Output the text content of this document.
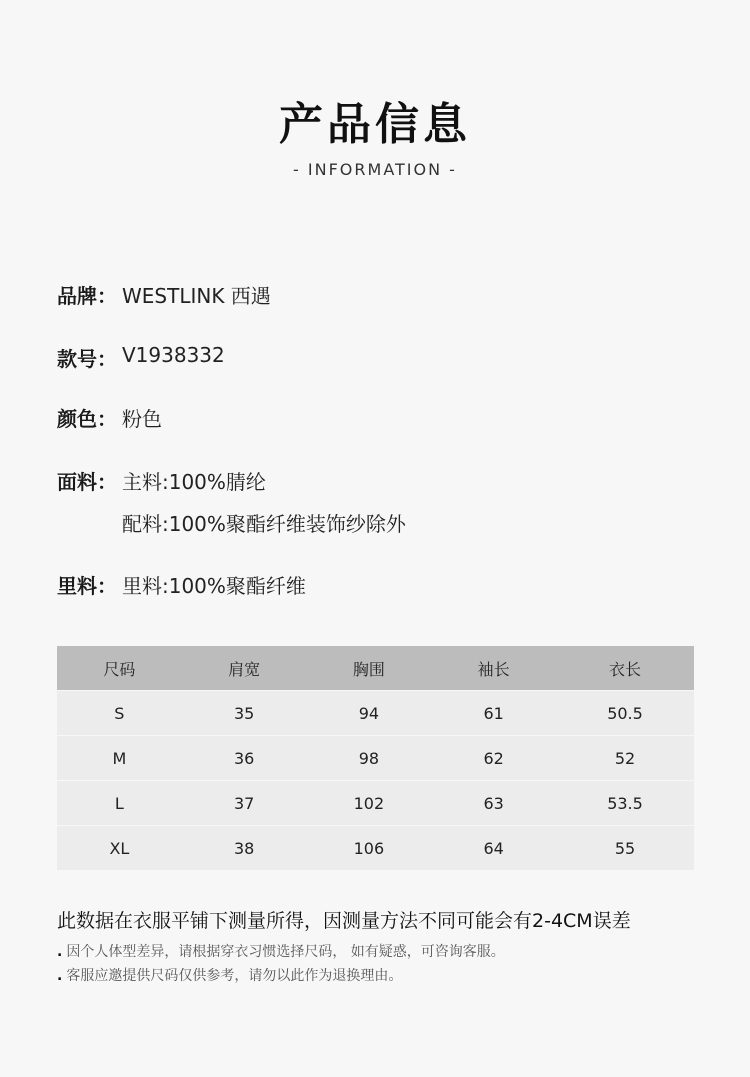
产品信息
- INFORMATION -
品牌： WESTLINK 西遇
款号： V1938332
颜色： 粉色
面料： 主料:100%腈纶
配料:100%聚酯纤维装饰纱除外
里料： 里料:100%聚酯纤维
尺码	肩宽	胸围	袖长	衣长
S	35	94	61	50.5
M	36	98	62	52
L	37	102	63	53.5
XL	38	106	64	55
此数据在衣服平铺下测量所得，因测量方法不同可能会有2-4CM误差
. 因个人体型差异，请根据穿衣习惯选择尺码， 如有疑惑，可咨询客服。
. 客服应邀提供尺码仅供参考，请勿以此作为退换理由。
